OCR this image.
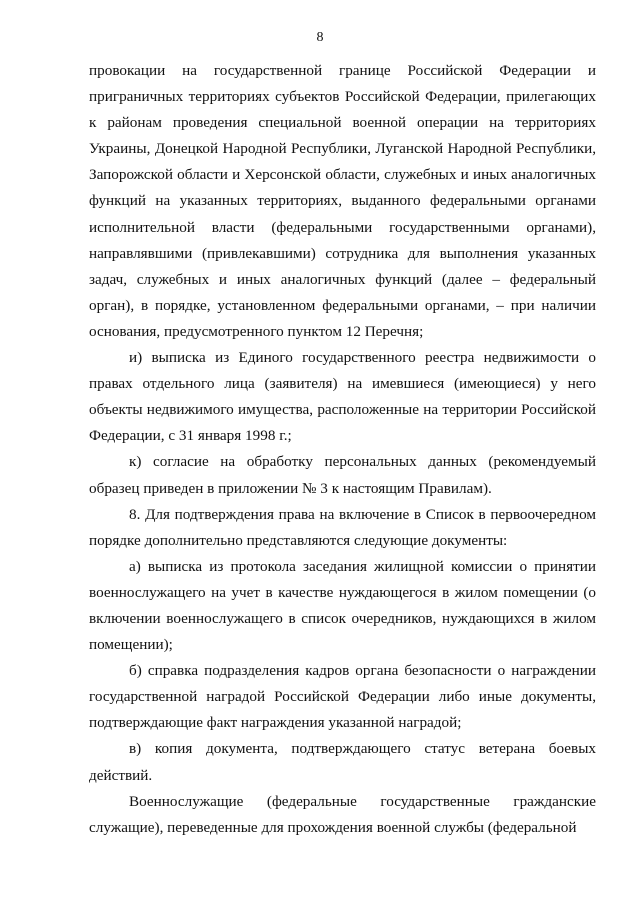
8

провокации на государственной границе Российской Федерации и приграничных территориях субъектов Российской Федерации, прилегающих к районам проведения специальной военной операции на территориях Украины, Донецкой Народной Республики, Луганской Народной Республики, Запорожской области и Херсонской области, служебных и иных аналогичных функций на указанных территориях, выданного федеральными органами исполнительной власти (федеральными государственными органами), направлявшими (привлекавшими) сотрудника для выполнения указанных задач, служебных и иных аналогичных функций (далее – федеральный орган), в порядке, установленном федеральными органами, – при наличии основания, предусмотренного пунктом 12 Перечня;

и) выписка из Единого государственного реестра недвижимости о правах отдельного лица (заявителя) на имевшиеся (имеющиеся) у него объекты недвижимого имущества, расположенные на территории Российской Федерации, с 31 января 1998 г.;

к) согласие на обработку персональных данных (рекомендуемый образец приведен в приложении № 3 к настоящим Правилам).

8. Для подтверждения права на включение в Список в первоочередном порядке дополнительно представляются следующие документы:

а) выписка из протокола заседания жилищной комиссии о принятии военнослужащего на учет в качестве нуждающегося в жилом помещении (о включении военнослужащего в список очередников, нуждающихся в жилом помещении);

б) справка подразделения кадров органа безопасности о награждении государственной наградой Российской Федерации либо иные документы, подтверждающие факт награждения указанной наградой;

в) копия документа, подтверждающего статус ветерана боевых действий.

Военнослужащие (федеральные государственные гражданские служащие), переведенные для прохождения военной службы (федеральной
